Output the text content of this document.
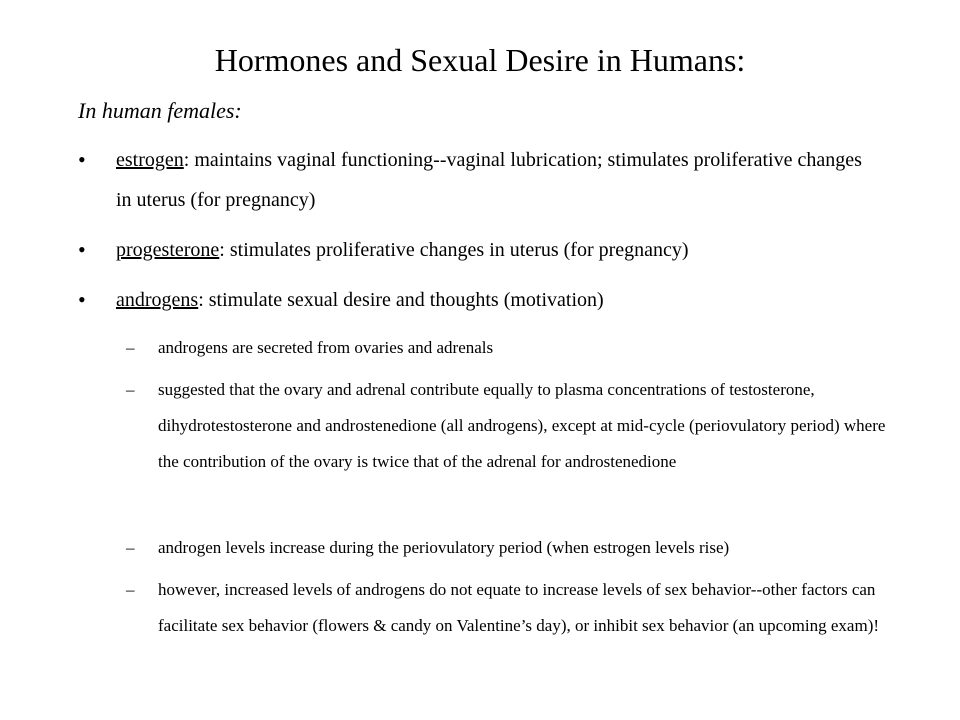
Hormones and Sexual Desire in Humans:
In human females:
• estrogen: maintains vaginal functioning--vaginal lubrication; stimulates proliferative changes in uterus (for pregnancy)
• progesterone: stimulates proliferative changes in uterus (for pregnancy)
• androgens: stimulate sexual desire and thoughts (motivation)
– androgens are secreted from ovaries and adrenals
– suggested that the ovary and adrenal contribute equally to plasma concentrations of testosterone, dihydrotestosterone and androstenedione (all androgens), except at mid-cycle (periovulatory period) where the contribution of the ovary is twice that of the adrenal for androstenedione
– androgen levels increase during the periovulatory period (when estrogen levels rise)
– however, increased levels of androgens do not equate to increase levels of sex behavior--other factors can facilitate sex behavior (flowers & candy on Valentine’s day), or inhibit sex behavior (an upcoming exam)!
